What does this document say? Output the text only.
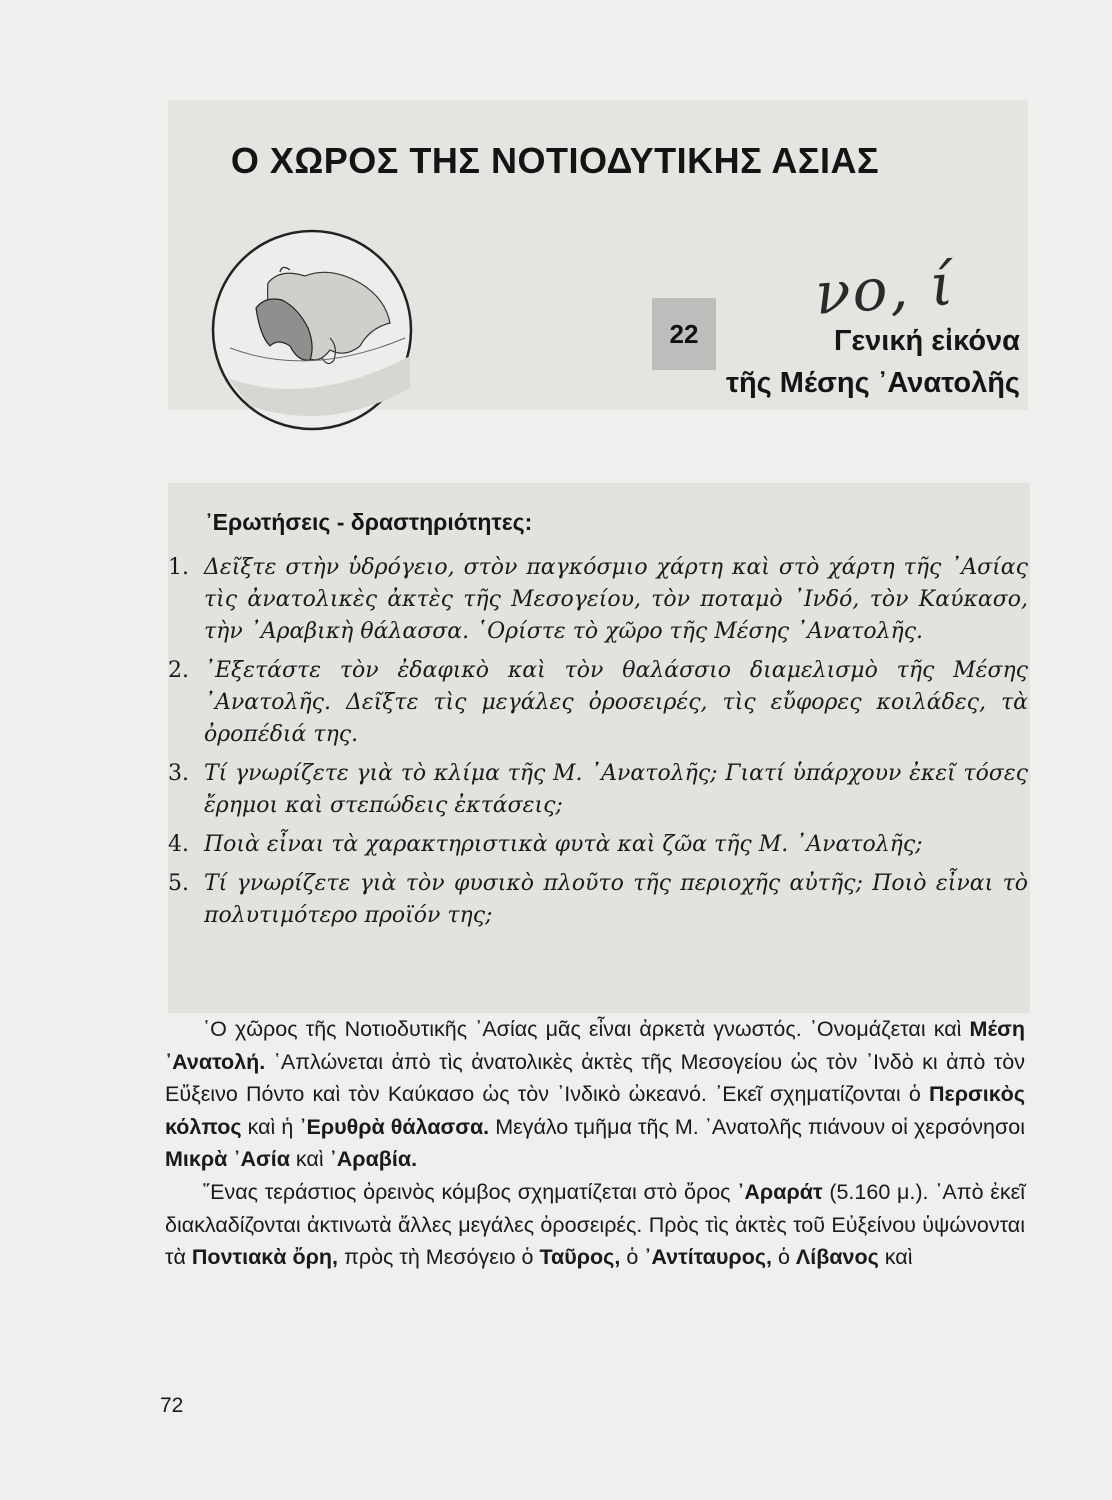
Ο ΧΩΡΟΣ ΤΗΣ ΝΟΤΙΟΔΥΤΙΚΗΣ ΑΣΙΑΣ
νo, ί
22	Γενική εἰκόνα
τῆς Μέσης ᾿Ανατολῆς
᾿Ερωτήσεις - δραστηριότητες:
1. Δεῖξτε στὴν ὑδρόγειο, στὸν παγκόσμιο χάρτη καὶ στὸ χάρτη τῆς ᾿Ασίας τὶς ἀνατολικὲς ἀκτὲς τῆς Μεσογείου, τὸν ποταμὸ ᾿Ινδό, τὸν Καύκασο, τὴν ᾿Αραβικὴ θάλασσα. ῾Ορίστε τὸ χῶρο τῆς Μέσης ᾿Ανατολῆς.
2. ᾿Εξετάστε τὸν ἐδαφικὸ καὶ τὸν θαλάσσιο διαμελισμὸ τῆς Μέσης ᾿Ανατολῆς. Δεῖξτε τὶς μεγάλες ὀροσειρές, τὶς εὔφορες κοιλάδες, τὰ ὀροπέδιά της.
3. Τί γνωρίζετε γιὰ τὸ κλίμα τῆς Μ. ᾿Ανατολῆς; Γιατί ὑπάρχουν ἐκεῖ τόσες ἔρημοι καὶ στεπώδεις ἐκτάσεις;
4. Ποιὰ εἶναι τὰ χαρακτηριστικὰ φυτὰ καὶ ζῶα τῆς Μ. ᾿Ανατολῆς;
5. Τί γνωρίζετε γιὰ τὸν φυσικὸ πλοῦτο τῆς περιοχῆς αὐτῆς; Ποιὸ εἶναι τὸ πολυτιμότερο προϊόν της;

῾Ο χῶρος τῆς Νοτιοδυτικῆς ᾿Ασίας μᾶς εἶναι ἀρκετὰ γνωστός. ᾿Ονομάζεται καὶ Μέση ᾿Ανατολή. ῾Απλώνεται ἀπὸ τὶς ἀνατολικὲς ἀκτὲς τῆς Μεσογείου ὡς τὸν ᾿Ινδὸ κι ἀπὸ τὸν Εὔξεινο Πόντο καὶ τὸν Καύκασο ὡς τὸν ᾿Ινδικὸ ὠκεανό. ᾿Εκεῖ σχηματίζονται ὁ Περσικὸς κόλπος καὶ ἡ ᾿Ερυθρὰ θάλασσα. Μεγάλο τμῆμα τῆς Μ. ᾿Ανατολῆς πιάνουν οἱ χερσόνησοι Μικρὰ ᾿Ασία καὶ ᾿Αραβία.

῞Ενας τεράστιος ὀρεινὸς κόμβος σχηματίζεται στὸ ὄρος ᾿Αραράτ (5.160 μ.). ᾿Απὸ ἐκεῖ διακλαδίζονται ἀκτινωτὰ ἄλλες μεγάλες ὀροσειρές. Πρὸς τὶς ἀκτὲς τοῦ Εὐξείνου ὑψώνονται τὰ Ποντιακὰ ὄρη, πρὸς τὴ Μεσόγειο ὁ Ταῦρος, ὁ ᾿Αντίταυρος, ὁ Λίβανος καὶ

72
